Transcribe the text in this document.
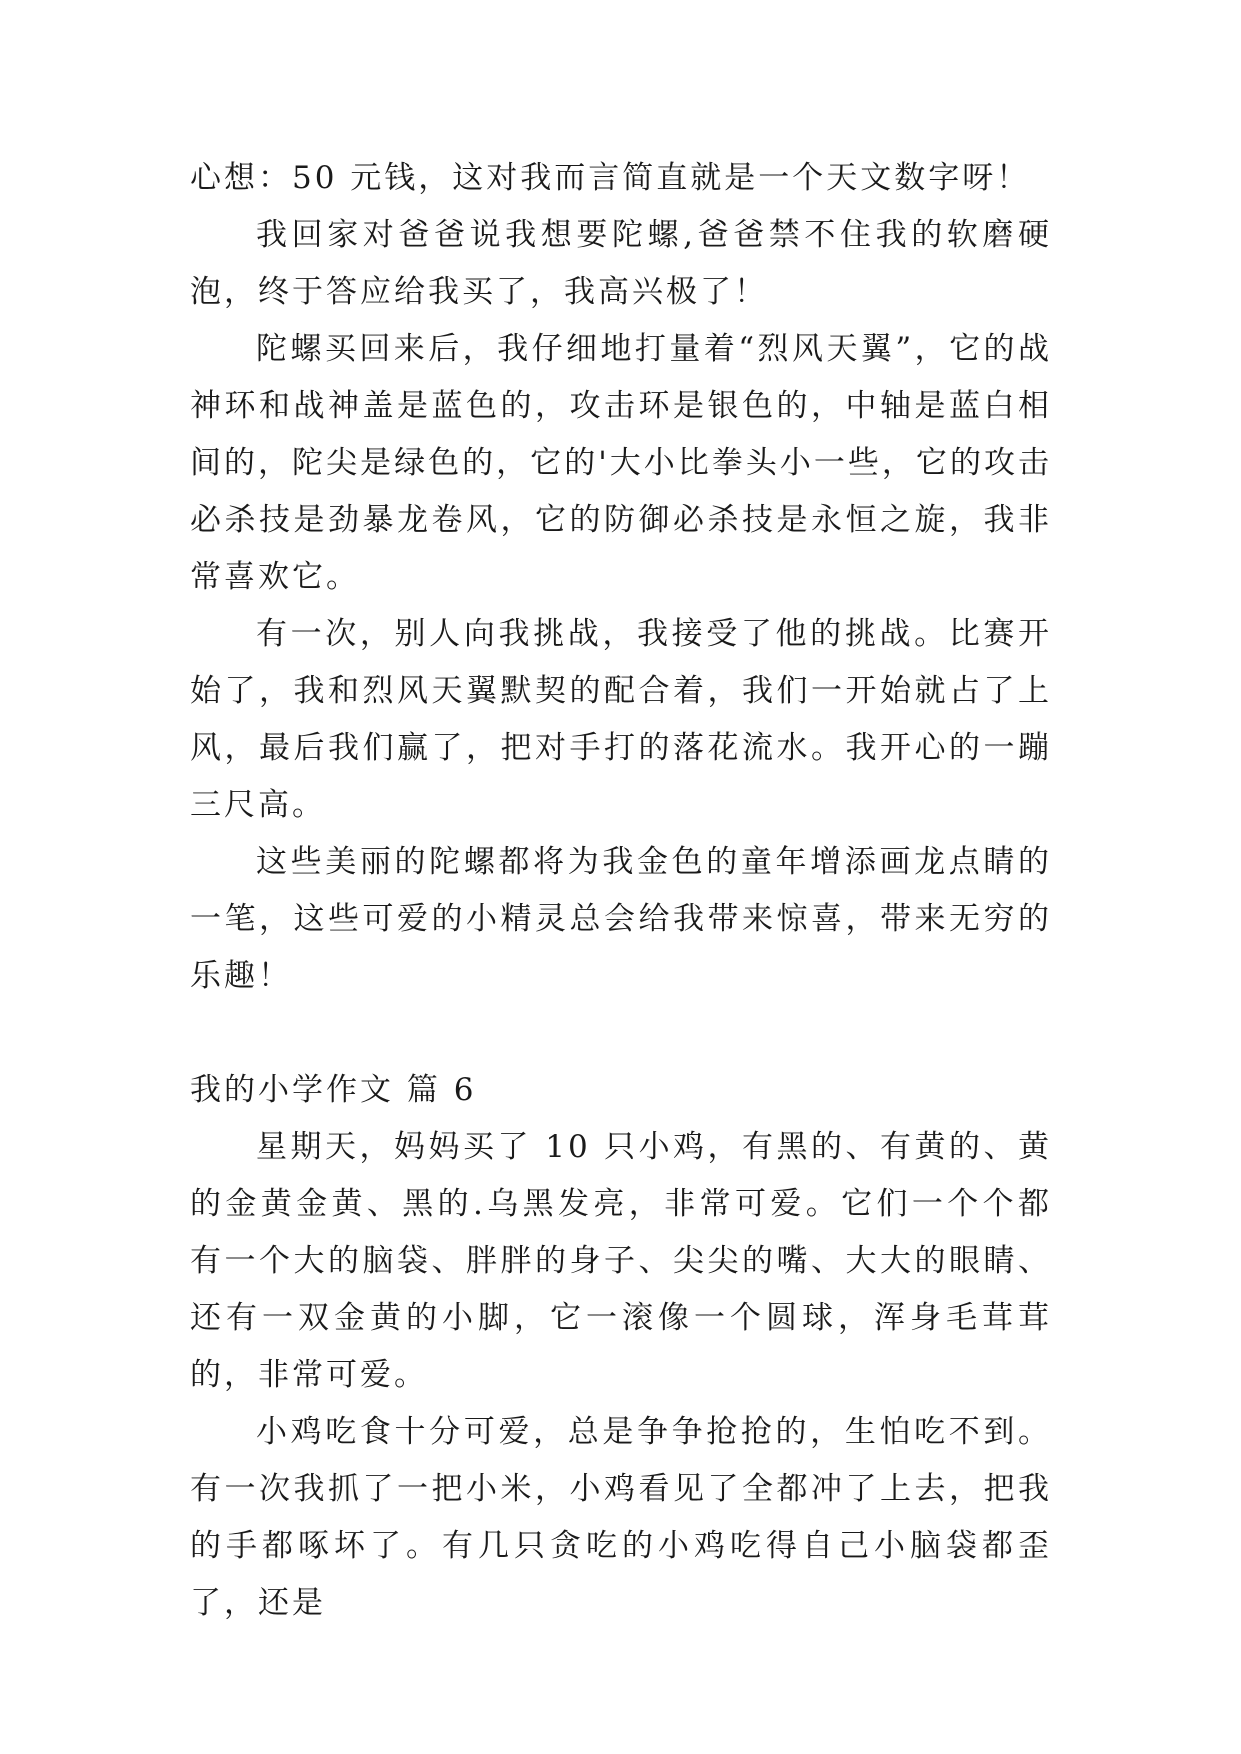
心想：50 元钱，这对我而言简直就是一个天文数字呀！

我回家对爸爸说我想要陀螺,爸爸禁不住我的软磨硬泡，终于答应给我买了，我高兴极了！

陀螺买回来后，我仔细地打量着“烈风天翼”，它的战神环和战神盖是蓝色的，攻击环是银色的，中轴是蓝白相间的，陀尖是绿色的，它的'大小比拳头小一些，它的攻击必杀技是劲暴龙卷风，它的防御必杀技是永恒之旋，我非常喜欢它。

有一次，别人向我挑战，我接受了他的挑战。比赛开始了，我和烈风天翼默契的配合着，我们一开始就占了上风，最后我们赢了，把对手打的落花流水。我开心的一蹦三尺高。

这些美丽的陀螺都将为我金色的童年增添画龙点睛的一笔，这些可爱的小精灵总会给我带来惊喜，带来无穷的乐趣！

我的小学作文 篇 6

星期天，妈妈买了 10 只小鸡，有黑的、有黄的、黄的金黄金黄、黑的.乌黑发亮，非常可爱。它们一个个都有一个大的脑袋、胖胖的身子、尖尖的嘴、大大的眼睛、还有一双金黄的小脚，它一滚像一个圆球，浑身毛茸茸的，非常可爱。

小鸡吃食十分可爱，总是争争抢抢的，生怕吃不到。有一次我抓了一把小米，小鸡看见了全都冲了上去，把我的手都啄坏了。有几只贪吃的小鸡吃得自己小脑袋都歪了，还是
